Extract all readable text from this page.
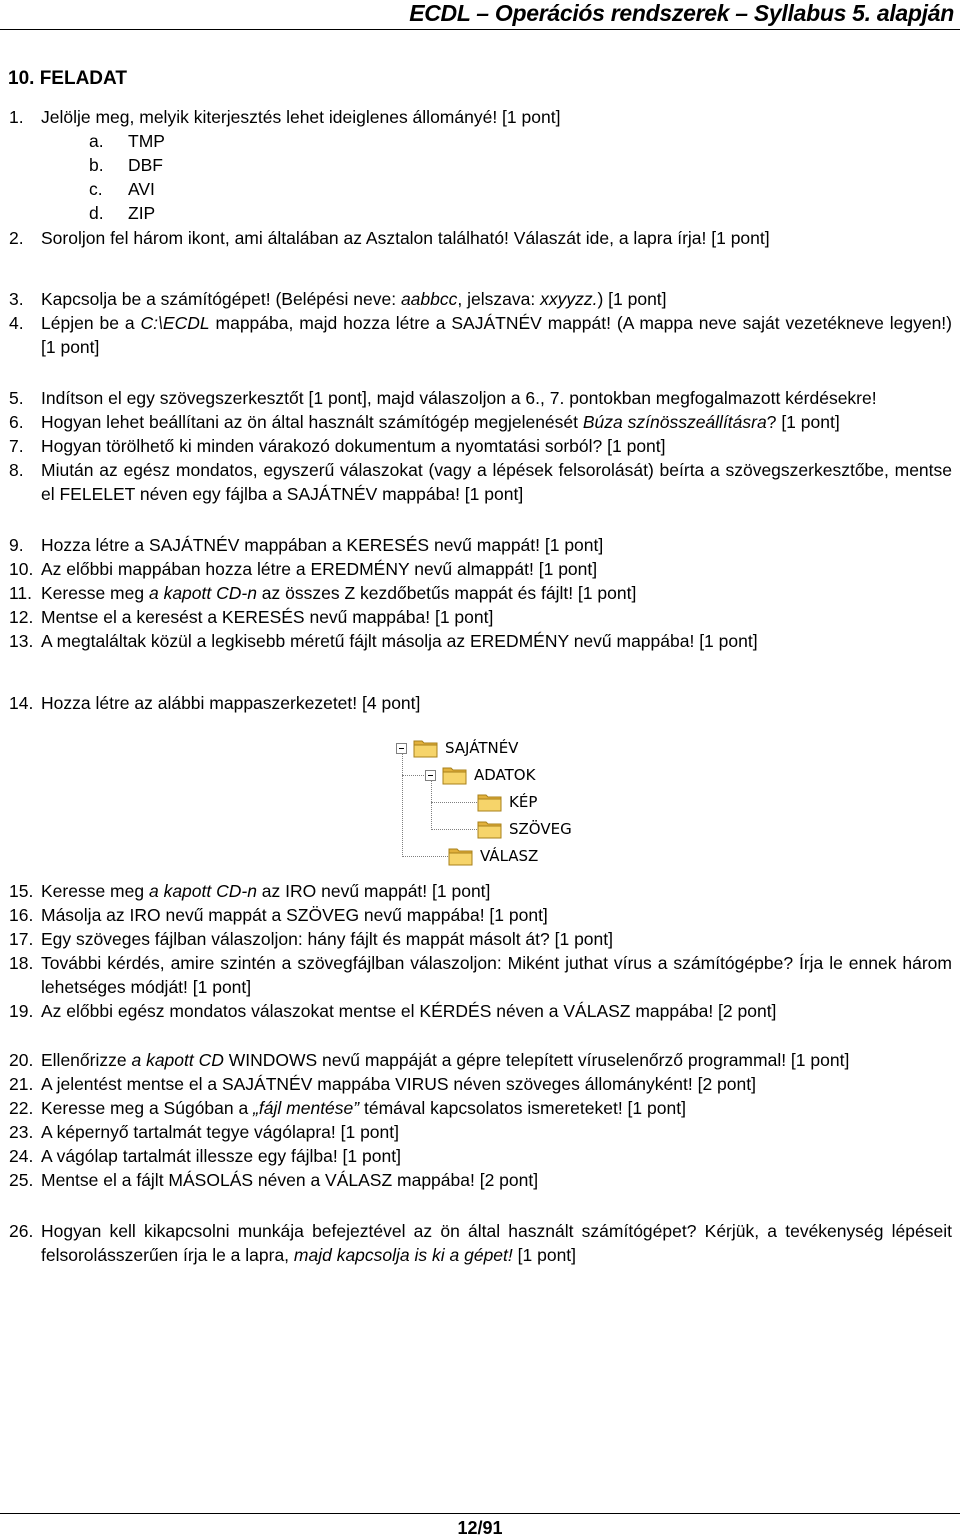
ECDL – Operációs rendszerek – Syllabus 5. alapján
10. FELADAT
1. Jelölje meg, melyik kiterjesztés lehet ideiglenes állományé! [1 pont]
a. TMP
b. DBF
c. AVI
d. ZIP
2. Soroljon fel három ikont, ami általában az Asztalon található! Válaszát ide, a lapra írja! [1 pont]
3. Kapcsolja be a számítógépet! (Belépési neve: aabbcc, jelszava: xxyyzz.) [1 pont]
4. Lépjen be a C:\ECDL mappába, majd hozza létre a SAJÁTNÉV mappát! (A mappa neve saját vezetékneve legyen!) [1 pont]
5. Indítson el egy szövegszerkesztőt [1 pont], majd válaszoljon a 6., 7. pontokban megfogalmazott kérdésekre!
6. Hogyan lehet beállítani az ön által használt számítógép megjelenését Búza színösszeállításra? [1 pont]
7. Hogyan törölhető ki minden várakozó dokumentum a nyomtatási sorból? [1 pont]
8. Miután az egész mondatos, egyszerű válaszokat (vagy a lépések felsorolását) beírta a szövegszerkesztőbe, mentse el FELELET néven egy fájlba a SAJÁTNÉV mappába! [1 pont]
9. Hozza létre a SAJÁTNÉV mappában a KERESÉS nevű mappát! [1 pont]
10. Az előbbi mappában hozza létre a EREDMÉNY nevű almappát! [1 pont]
11. Keresse meg a kapott CD-n az összes Z kezdőbetűs mappát és fájlt! [1 pont]
12. Mentse el a keresést a KERESÉS nevű mappába! [1 pont]
13. A megtaláltak közül a legkisebb méretű fájlt másolja az EREDMÉNY nevű mappába! [1 pont]
14. Hozza létre az alábbi mappaszerkezetet! [4 pont]
SAJÁTNÉV
ADATOK
KÉP
SZÖVEG
VÁLASZ
15. Keresse meg a kapott CD-n az IRO nevű mappát! [1 pont]
16. Másolja az IRO nevű mappát a SZÖVEG nevű mappába! [1 pont]
17. Egy szöveges fájlban válaszoljon: hány fájlt és mappát másolt át? [1 pont]
18. További kérdés, amire szintén a szövegfájlban válaszoljon: Miként juthat vírus a számítógépbe? Írja le ennek három lehetséges módját! [1 pont]
19. Az előbbi egész mondatos válaszokat mentse el KÉRDÉS néven a VÁLASZ mappába! [2 pont]
20. Ellenőrizze a kapott CD WINDOWS nevű mappáját a gépre telepített víruselenőrző programmal! [1 pont]
21. A jelentést mentse el a SAJÁTNÉV mappába VIRUS néven szöveges állományként! [2 pont]
22. Keresse meg a Súgóban a „fájl mentése” témával kapcsolatos ismereteket! [1 pont]
23. A képernyő tartalmát tegye vágólapra! [1 pont]
24. A vágólap tartalmát illessze egy fájlba! [1 pont]
25. Mentse el a fájlt MÁSOLÁS néven a VÁLASZ mappába! [2 pont]
26. Hogyan kell kikapcsolni munkája befejeztével az ön által használt számítógépet? Kérjük, a tevékenység lépéseit felsorolásszerűen írja le a lapra, majd kapcsolja is ki a gépet! [1 pont]
12/91
